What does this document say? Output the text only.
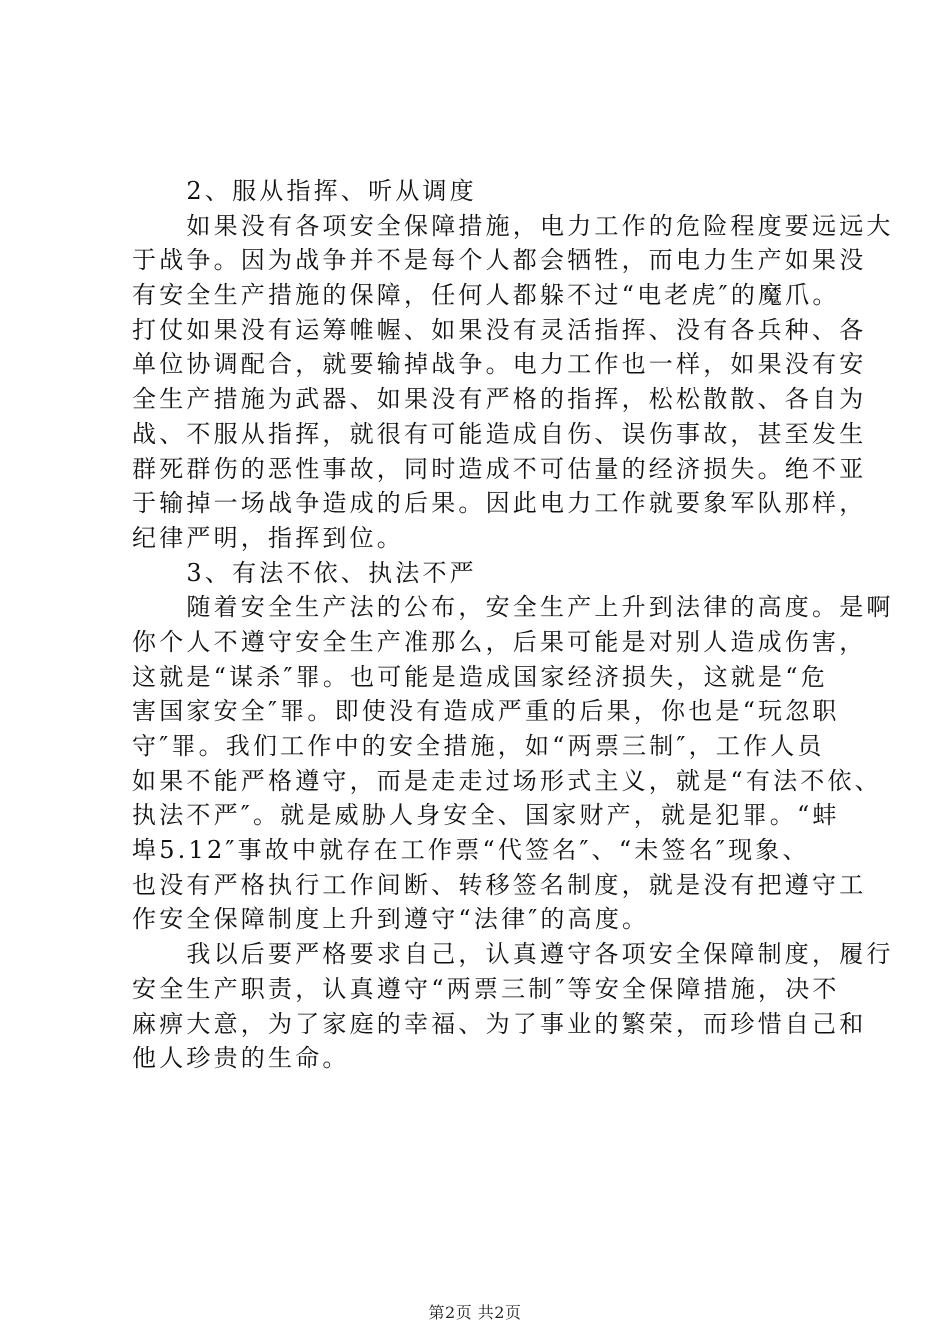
　　2、服从指挥、听从调度
　　如果没有各项安全保障措施，电力工作的危险程度要远远大
于战争。因为战争并不是每个人都会牺牲，而电力生产如果没
有安全生产措施的保障，任何人都躲不过“电老虎″的魔爪。
打仗如果没有运筹帷幄、如果没有灵活指挥、没有各兵种、各
单位协调配合，就要输掉战争。电力工作也一样，如果没有安
全生产措施为武器、如果没有严格的指挥，松松散散、各自为
战、不服从指挥，就很有可能造成自伤、误伤事故，甚至发生
群死群伤的恶性事故，同时造成不可估量的经济损失。绝不亚
于输掉一场战争造成的后果。因此电力工作就要象军队那样，
纪律严明，指挥到位。
　　3、有法不依、执法不严
　　随着安全生产法的公布，安全生产上升到法律的高度。是啊
你个人不遵守安全生产准那么，后果可能是对别人造成伤害，
这就是“谋杀″罪。也可能是造成国家经济损失，这就是“危
害国家安全″罪。即使没有造成严重的后果，你也是“玩忽职
守″罪。我们工作中的安全措施，如“两票三制″，工作人员
如果不能严格遵守，而是走走过场形式主义，就是“有法不依、
执法不严″。就是威胁人身安全、国家财产，就是犯罪。“蚌
埠5.12″事故中就存在工作票“代签名″、“未签名″现象、
也没有严格执行工作间断、转移签名制度，就是没有把遵守工
作安全保障制度上升到遵守“法律″的高度。
　　我以后要严格要求自己，认真遵守各项安全保障制度，履行
安全生产职责，认真遵守“两票三制″等安全保障措施，决不
麻痹大意，为了家庭的幸福、为了事业的繁荣，而珍惜自己和
他人珍贵的生命。
第2页 共2页
